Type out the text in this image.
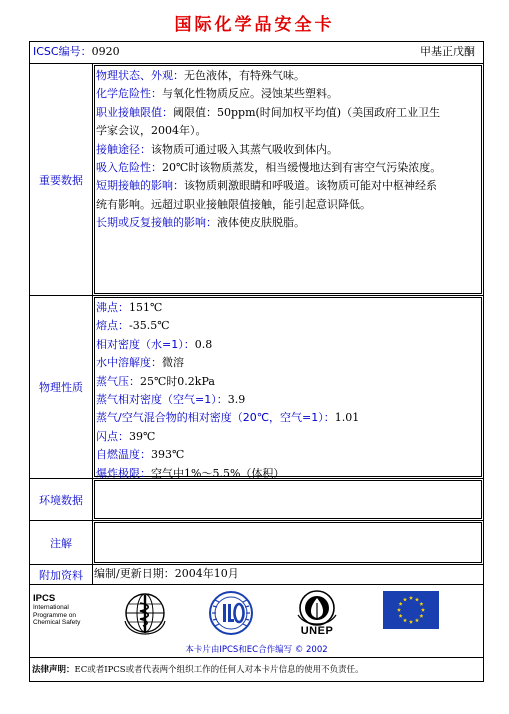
国际化学品安全卡
ICSC编号：0920	甲基正戊酮
重要数据
物理状态、外观：无色液体，有特殊气味。
化学危险性：与氧化性物质反应。浸蚀某些塑料。
职业接触限值：阈限值：50ppm(时间加权平均值)（美国政府工业卫生
学家会议，2004年）。
接触途径：该物质可通过吸入其蒸气吸收到体内。
吸入危险性：20℃时该物质蒸发，相当缓慢地达到有害空气污染浓度。
短期接触的影响：该物质刺激眼睛和呼吸道。该物质可能对中枢神经系
统有影响。远超过职业接触限值接触，能引起意识降低。
长期或反复接触的影响：液体使皮肤脱脂。
物理性质
沸点：151℃
熔点：-35.5℃
相对密度（水=1）：0.8
水中溶解度：微溶
蒸气压：25℃时0.2kPa
蒸气相对密度（空气=1）：3.9
蒸气/空气混合物的相对密度（20℃，空气=1）：1.01
闪点：39℃
自燃温度：393℃
爆炸极限：空气中1%～5.5%（体积）
环境数据
注解
附加资料	编制/更新日期：2004年10月
IPCS
International
Programme on
Chemical Safety
UNEP
本卡片由IPCS和EC合作编写 © 2002
法律声明：EC或者IPCS或者代表两个组织工作的任何人对本卡片信息的使用不负责任。
